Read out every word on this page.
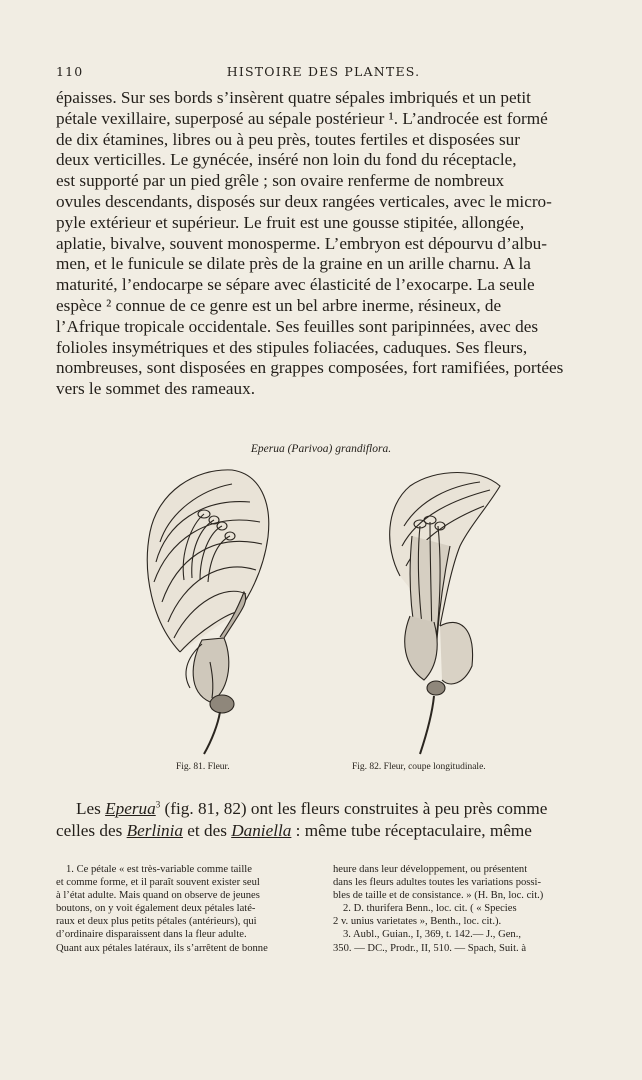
110	HISTOIRE DES PLANTES.

épaisses. Sur ses bords s’insèrent quatre sépales imbriqués et un petit

pétale vexillaire, superposé au sépale postérieur ¹. L’androcée est formé

de dix étamines, libres ou à peu près, toutes fertiles et disposées sur

deux verticilles. Le gynécée, inséré non loin du fond du réceptacle,

est supporté par un pied grêle ; son ovaire renferme de nombreux

ovules descendants, disposés sur deux rangées verticales, avec le micro-

pyle extérieur et supérieur. Le fruit est une gousse stipitée, allongée,

aplatie, bivalve, souvent monosperme. L’embryon est dépourvu d’albu-

men, et le funicule se dilate près de la graine en un arille charnu. A la

maturité, l’endocarpe se sépare avec élasticité de l’exocarpe. La seule

espèce ² connue de ce genre est un bel arbre inerme, résineux, de

l’Afrique tropicale occidentale. Ses feuilles sont paripinnées, avec des

folioles insymétriques et des stipules foliacées, caduques. Ses fleurs,

nombreuses, sont disposées en grappes composées, fort ramifiées, portées

vers le sommet des rameaux.

Eperua (Parivoa) grandiflora.
Fig. 81. Fleur.	Fig. 82. Fleur, coupe longitudinale.

Les Eperua$^3$ (fig. 81, 82) ont les fleurs construites à peu près comme

celles des Berlinia et des Daniella : même tube réceptaculaire, même

1. Ce pétale « est très-variable comme taille

et comme forme, et il paraît souvent exister seul

à l’état adulte. Mais quand on observe de jeunes

boutons, on y voit également deux pétales laté-

raux et deux plus petits pétales (antérieurs), qui

d’ordinaire disparaissent dans la fleur adulte.

Quant aux pétales latéraux, ils s’arrêtent de bonne

heure dans leur développement, ou présentent

dans les fleurs adultes toutes les variations possi-

bles de taille et de consistance. » (H. Bn, loc. cit.)

2. D. thurifera Benn., loc. cit. ( « Species

2 v. unius varietates », Benth., loc. cit.).

3. Aubl., Guian., I, 369, t. 142.— J., Gen.,

350. — DC., Prodr., II, 510. — Spach, Suit. à
